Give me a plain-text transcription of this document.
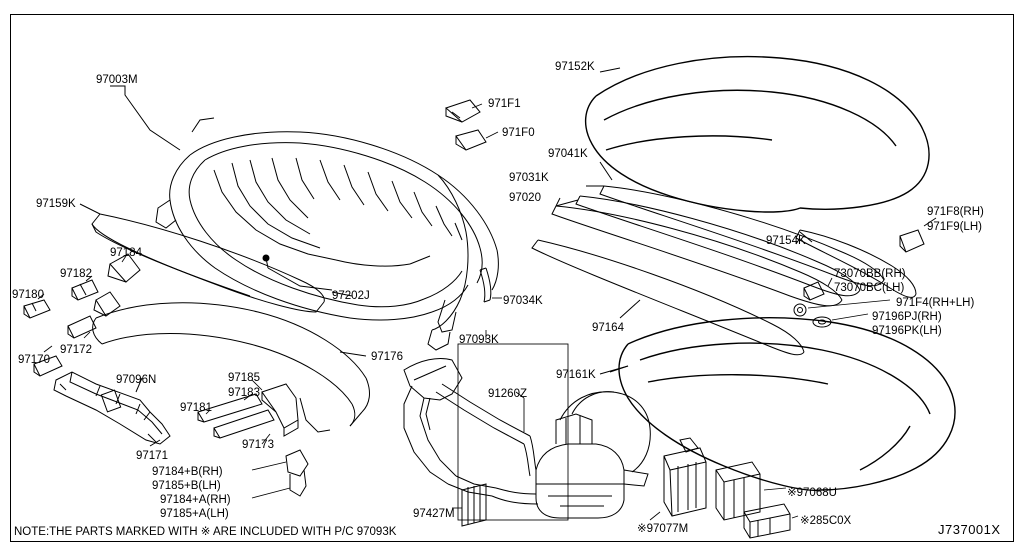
97003M
971F1
971F0
97152K
97041K
97031K
97020
97159K
971F8(RH)
971F9(LH)
97154K
73070BB(RH)
73070BC(LH)
971F4(RH+LH)
97196PJ(RH)
97196PK(LH)
97184
97182
97180	97202J	97034K
97164
97172
97170	97176
97093K
97161K
97096N	97185
97183
97181
91260Z
97171
97173
97184+B(RH)
97185+B(LH)
97184+A(RH)
97185+A(LH)	97427M
※97077M
※97068U
※285C0X
NOTE:THE PARTS MARKED WITH ※ ARE INCLUDED WITH P/C 97093K	J737001X
